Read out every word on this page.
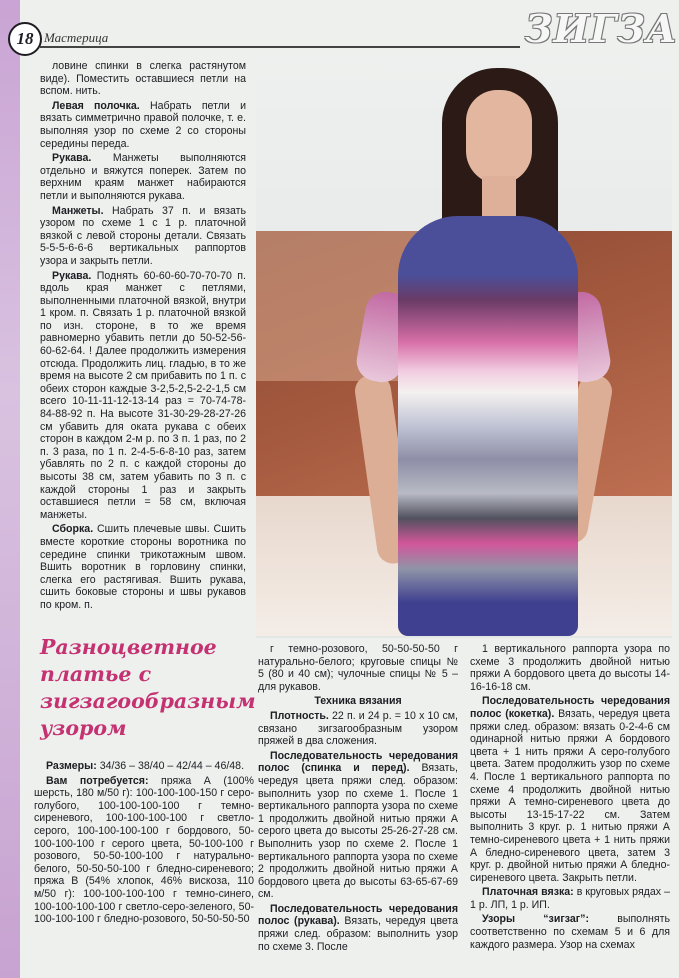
18 Мастерица	ЗИГЗА

ловине спинки в слегка растянутом виде). Поместить оставшиеся петли на вспом. нить.

Левая полочка. Набрать петли и вязать симметрично правой полочке, т. е. выполняя узор по схеме 2 со стороны середины переда.

Рукава. Манжеты выполняются отдельно и вяжутся поперек. Затем по верхним краям манжет набираются петли и выполняются рукава.

Манжеты. Набрать 37 п. и вязать узором по схеме 1 с 1 р. платочной вязкой с левой стороны детали. Связать 5-5-5-6-6-6 вертикальных раппортов узора и закрыть петли.

Рукава. Поднять 60-60-60-70-70-70 п. вдоль края манжет с петлями, выполненными платочной вязкой, внутри 1 кром. п. Связать 1 р. платочной вязкой по изн. стороне, в то же время равномерно убавить петли до 50-52-56-60-62-64. ! Далее продолжить измерения отсюда. Продолжить лиц. гладью, в то же время на высоте 2 см прибавить по 1 п. с обеих сторон каждые 3-2,5-2,5-2-2-1,5 см всего 10-11-11-12-13-14 раз = 70-74-78-84-88-92 п. На высоте 31-30-29-28-27-26 см убавить для оката рукава с обеих сторон в каждом 2-м р. по 3 п. 1 раз, по 2 п. 3 раза, по 1 п. 2-4-5-6-8-10 раз, затем убавлять по 2 п. с каждой стороны до высоты 38 см, затем убавить по 3 п. с каждой стороны 1 раз и закрыть оставшиеся петли = 58 см, включая манжеты.

Сборка. Сшить плечевые швы. Сшить вместе короткие стороны воротника по середине спинки трикотажным швом. Вшить воротник в горловину спинки, слегка его растягивая. Вшить рукава, сшить боковые стороны и швы рукавов по кром. п.

Разноцветное
платье с
зигзагообразным
узором

Размеры: 34/36 – 38/40 – 42/44 – 46/48.

Вам потребуется: пряжа А (100% шерсть, 180 м/50 г): 100-100-100-150 г серо-голубого, 100-100-100-100 г темно-сиреневого, 100-100-100-100 г светло-серого, 100-100-100-100 г бордового, 50-100-100-100 г серого цвета, 50-100-100 г розового, 50-50-100-100 г натурально-белого, 50-50-50-100 г бледно-сиреневого; пряжа В (54% хлопок, 46% вискоза, 110 м/50 г): 100-100-100-100 г темно-синего, 100-100-100-100 г светло-серо-зеленого, 50-100-100-100 г бледно-розового, 50-50-50-50

г темно-розового, 50-50-50-50 г натурально-белого; круговые спицы № 5 (80 и 40 см); чулочные спицы № 5 – для рукавов.

Техника вязания

Плотность. 22 п. и 24 р. = 10 х 10 см, связано зигзагообразным узором пряжей в два сложения.

Последовательность чередования полос (спинка и перед). Вязать, чередуя цвета пряжи след. образом: выполнить узор по схеме 1. После 1 вертикального раппорта узора по схеме 1 продолжить двойной нитью пряжи А серого цвета до высоты 25-26-27-28 см. Выполнить узор по схеме 2. После 1 вертикального раппорта узора по схеме 2 продолжить двойной нитью пряжи А бордового цвета до высоты 63-65-67-69 см.

Последовательность чередования полос (рукава). Вязать, чередуя цвета пряжи след. образом: выполнить узор по схеме 3. После

1 вертикального раппорта узора по схеме 3 продолжить двойной нитью пряжи А бордового цвета до высоты 14-16-16-18 см.

Последовательность чередования полос (кокетка). Вязать, чередуя цвета пряжи след. образом: вязать 0-2-4-6 см одинарной нитью пряжи А бордового цвета + 1 нить пряжи А серо-голубого цвета. Затем продолжить узор по схеме 4. После 1 вертикального раппорта по схеме 4 продолжить двойной нитью пряжи А темно-сиреневого цвета до высоты 13-15-17-22 см. Затем выполнить 3 круг. р. 1 нитью пряжи А темно-сиреневого цвета + 1 нить пряжи А бледно-сиреневого цвета, затем 3 круг. р. двойной нитью пряжи А бледно-сиреневого цвета. Закрыть петли.

Платочная вязка: в круговых рядах – 1 р. ЛП, 1 р. ИП.

Узоры “зигзаг”:	выполнять соответственно по схемам 5 и 6 для каждого размера. Узор на схемах
